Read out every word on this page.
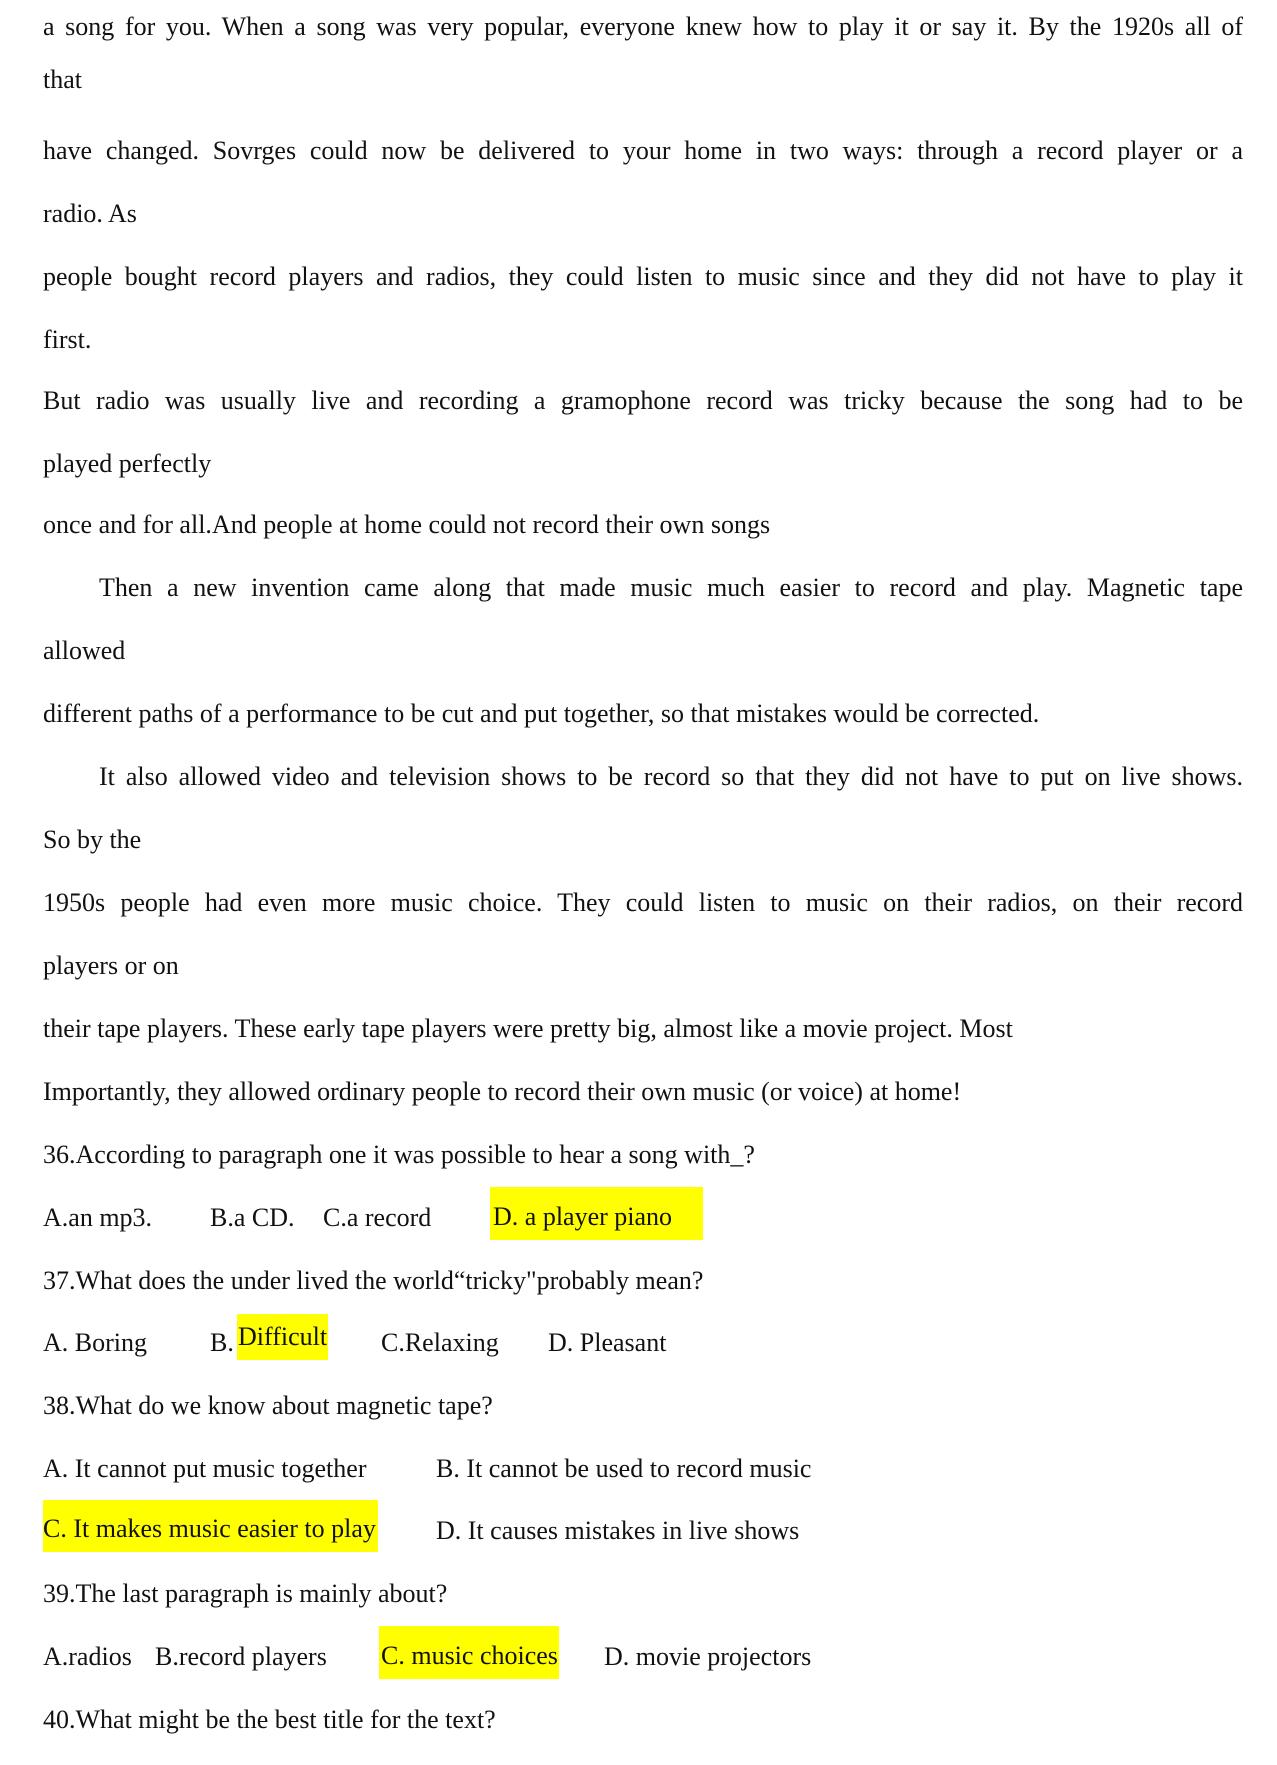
a song for you. When a song was very popular, everyone knew how to play it or say it. By the 1920s all of
that
have changed. Sovrges could now be delivered to your home in two ways: through a record player or a
radio. As
people bought record players and radios, they could listen to music since and they did not have to play it
first.
But radio was usually live and recording a gramophone record was tricky because the song had to be
played perfectly
once and for all.And people at home could not record their own songs
Then a new invention came along that made music much easier to record and play. Magnetic tape
allowed
different paths of a performance to be cut and put together, so that mistakes would be corrected.
It also allowed video and television shows to be record so that they did not have to put on live shows.
So by the
1950s people had even more music choice. They could listen to music on their radios, on their record
players or on
their tape players. These early tape players were pretty big, almost like a movie project. Most
Importantly, they allowed ordinary people to record their own music (or voice) at home!
36.According to paragraph one it was possible to hear a song with_?
A.an mp3. B.a CD. C.a record D. a player piano
37.What does the under lived the world“tricky"probably mean?
A. Boring B. Difficult C.Relaxing D. Pleasant
38.What do we know about magnetic tape?
A. It cannot put music together	B. It cannot be used to record music
C. It makes music easier to play D. It causes mistakes in live shows
39.The last paragraph is mainly about?
A.radios B.record players C. music choices D. movie projectors
40.What might be the best title for the text?
